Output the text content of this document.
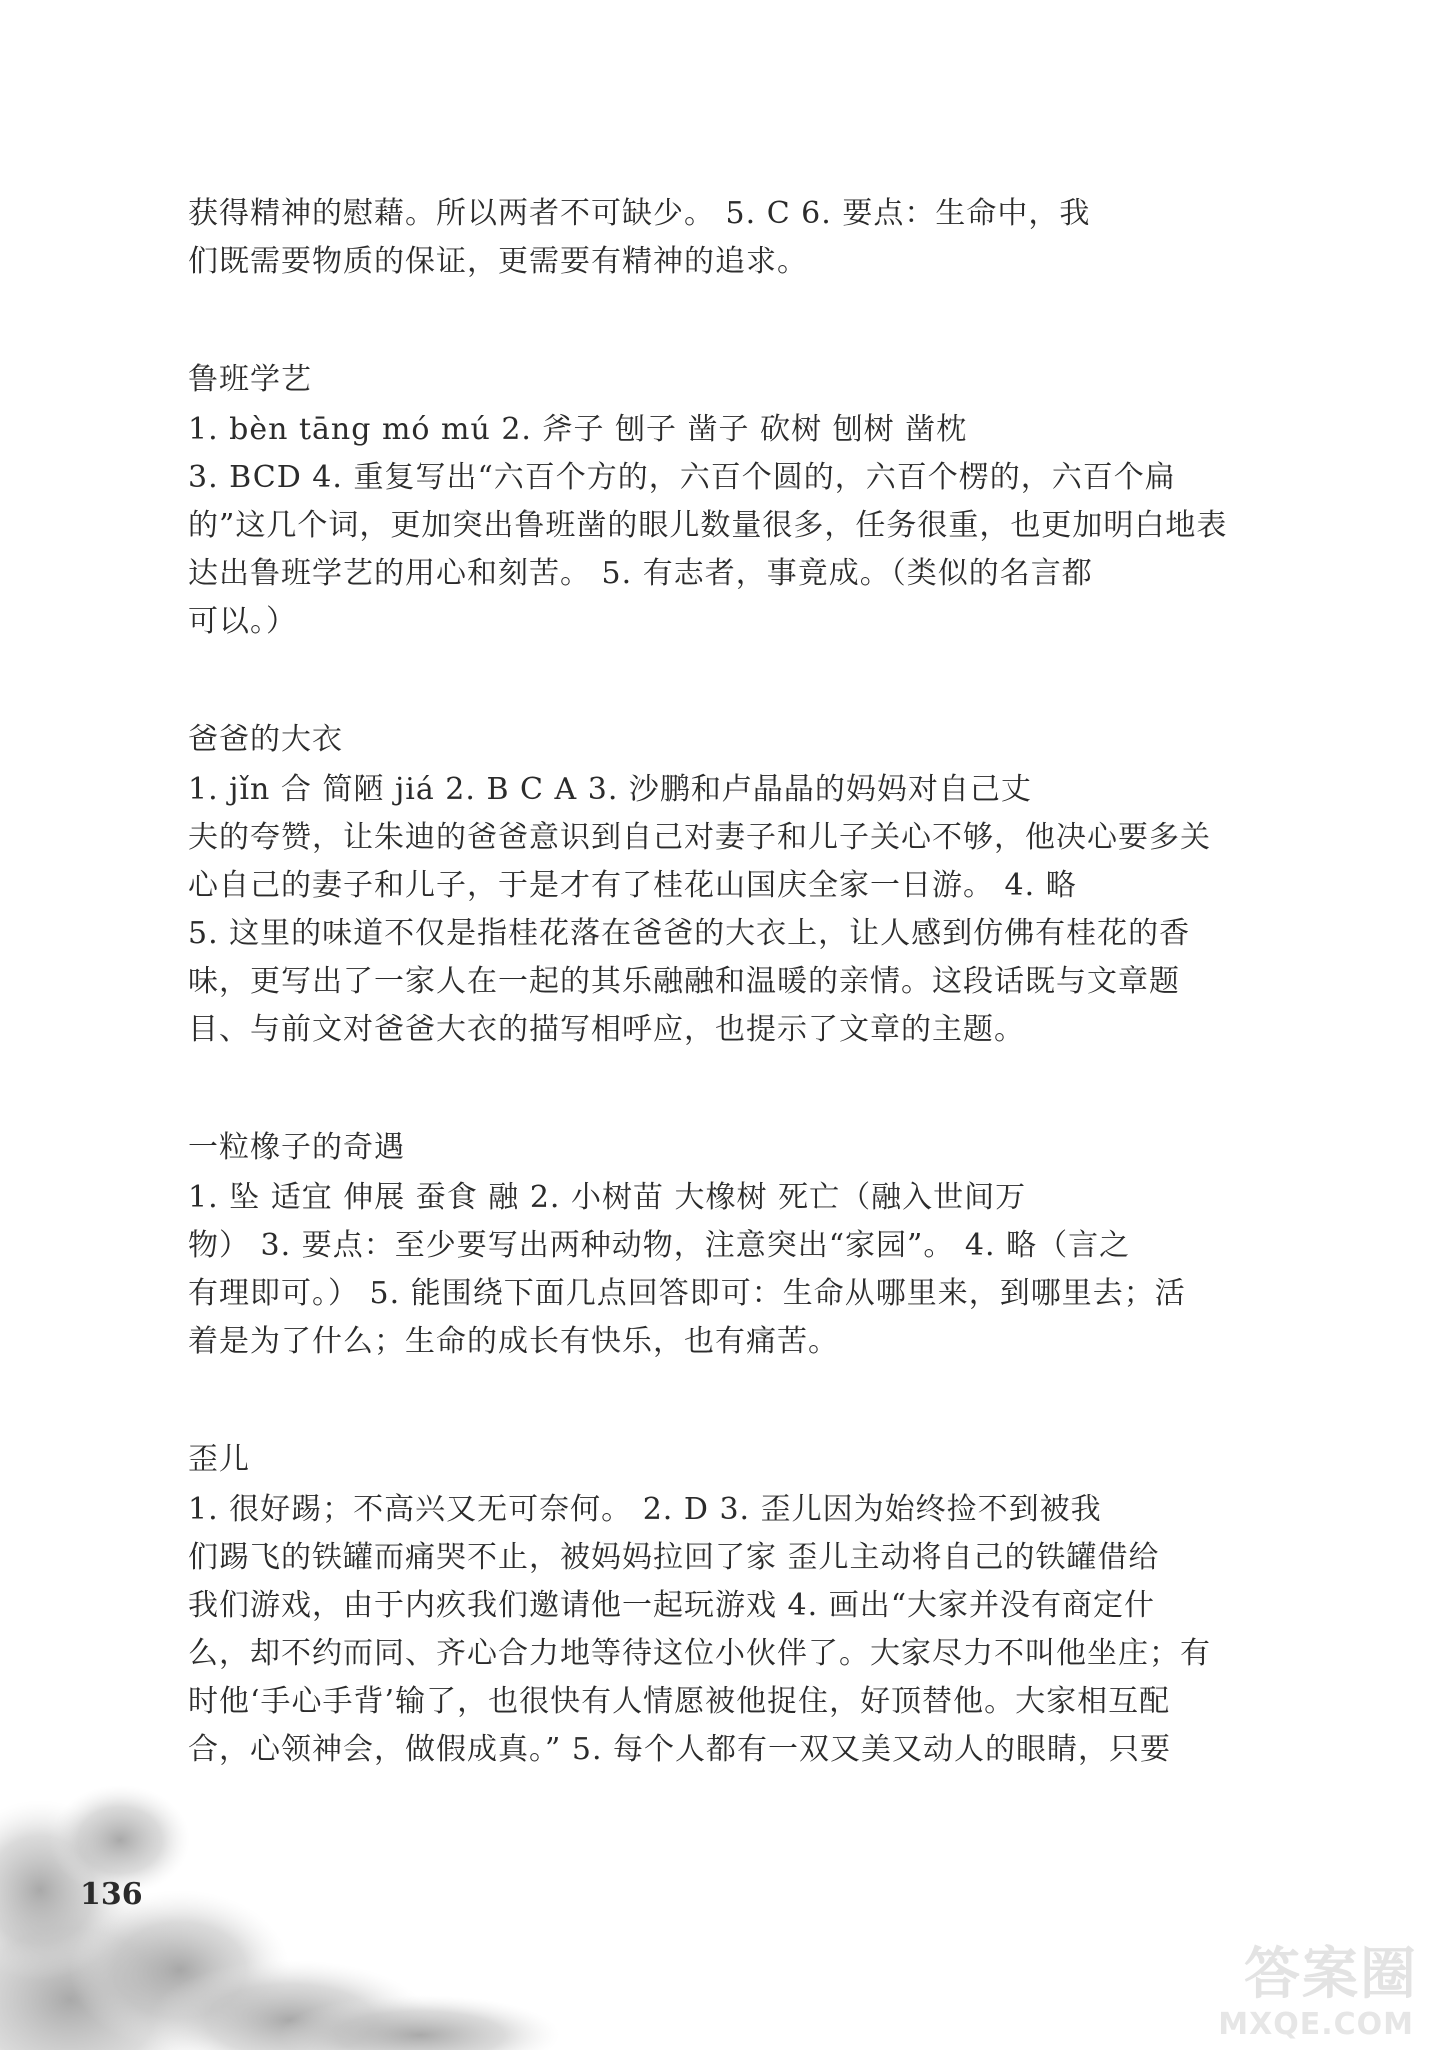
获得精神的慰藉。所以两者不可缺少。 5. C 6. 要点：生命中，我
们既需要物质的保证，更需要有精神的追求。
鲁班学艺
1. bèn tāng mó mú 2. 斧子 刨子 凿子 砍树 刨树 凿枕
3. BCD 4. 重复写出“六百个方的，六百个圆的，六百个楞的，六百个扁
的”这几个词，更加突出鲁班凿的眼儿数量很多，任务很重，也更加明白地表
达出鲁班学艺的用心和刻苦。 5. 有志者，事竟成。（类似的名言都
可以。）
爸爸的大衣
1. jǐn 合 简陋 jiá 2. B C A 3. 沙鹏和卢晶晶的妈妈对自己丈
夫的夸赞，让朱迪的爸爸意识到自己对妻子和儿子关心不够，他决心要多关
心自己的妻子和儿子，于是才有了桂花山国庆全家一日游。 4. 略
5. 这里的味道不仅是指桂花落在爸爸的大衣上，让人感到仿佛有桂花的香
味，更写出了一家人在一起的其乐融融和温暖的亲情。这段话既与文章题
目、与前文对爸爸大衣的描写相呼应，也提示了文章的主题。
一粒橡子的奇遇
1. 坠 适宜 伸展 蚕食 融 2. 小树苗 大橡树 死亡（融入世间万
物） 3. 要点：至少要写出两种动物，注意突出“家园”。 4. 略（言之
有理即可。） 5. 能围绕下面几点回答即可：生命从哪里来，到哪里去；活
着是为了什么；生命的成长有快乐，也有痛苦。
歪儿
1. 很好踢；不高兴又无可奈何。 2. D 3. 歪儿因为始终捡不到被我
们踢飞的铁罐而痛哭不止，被妈妈拉回了家 歪儿主动将自己的铁罐借给
我们游戏，由于内疚我们邀请他一起玩游戏 4. 画出“大家并没有商定什
么，却不约而同、齐心合力地等待这位小伙伴了。大家尽力不叫他坐庄；有
时他‘手心手背’输了，也很快有人情愿被他捉住，好顶替他。大家相互配
合，心领神会，做假成真。” 5. 每个人都有一双又美又动人的眼睛，只要
136
答案圈
MXQE.COM
